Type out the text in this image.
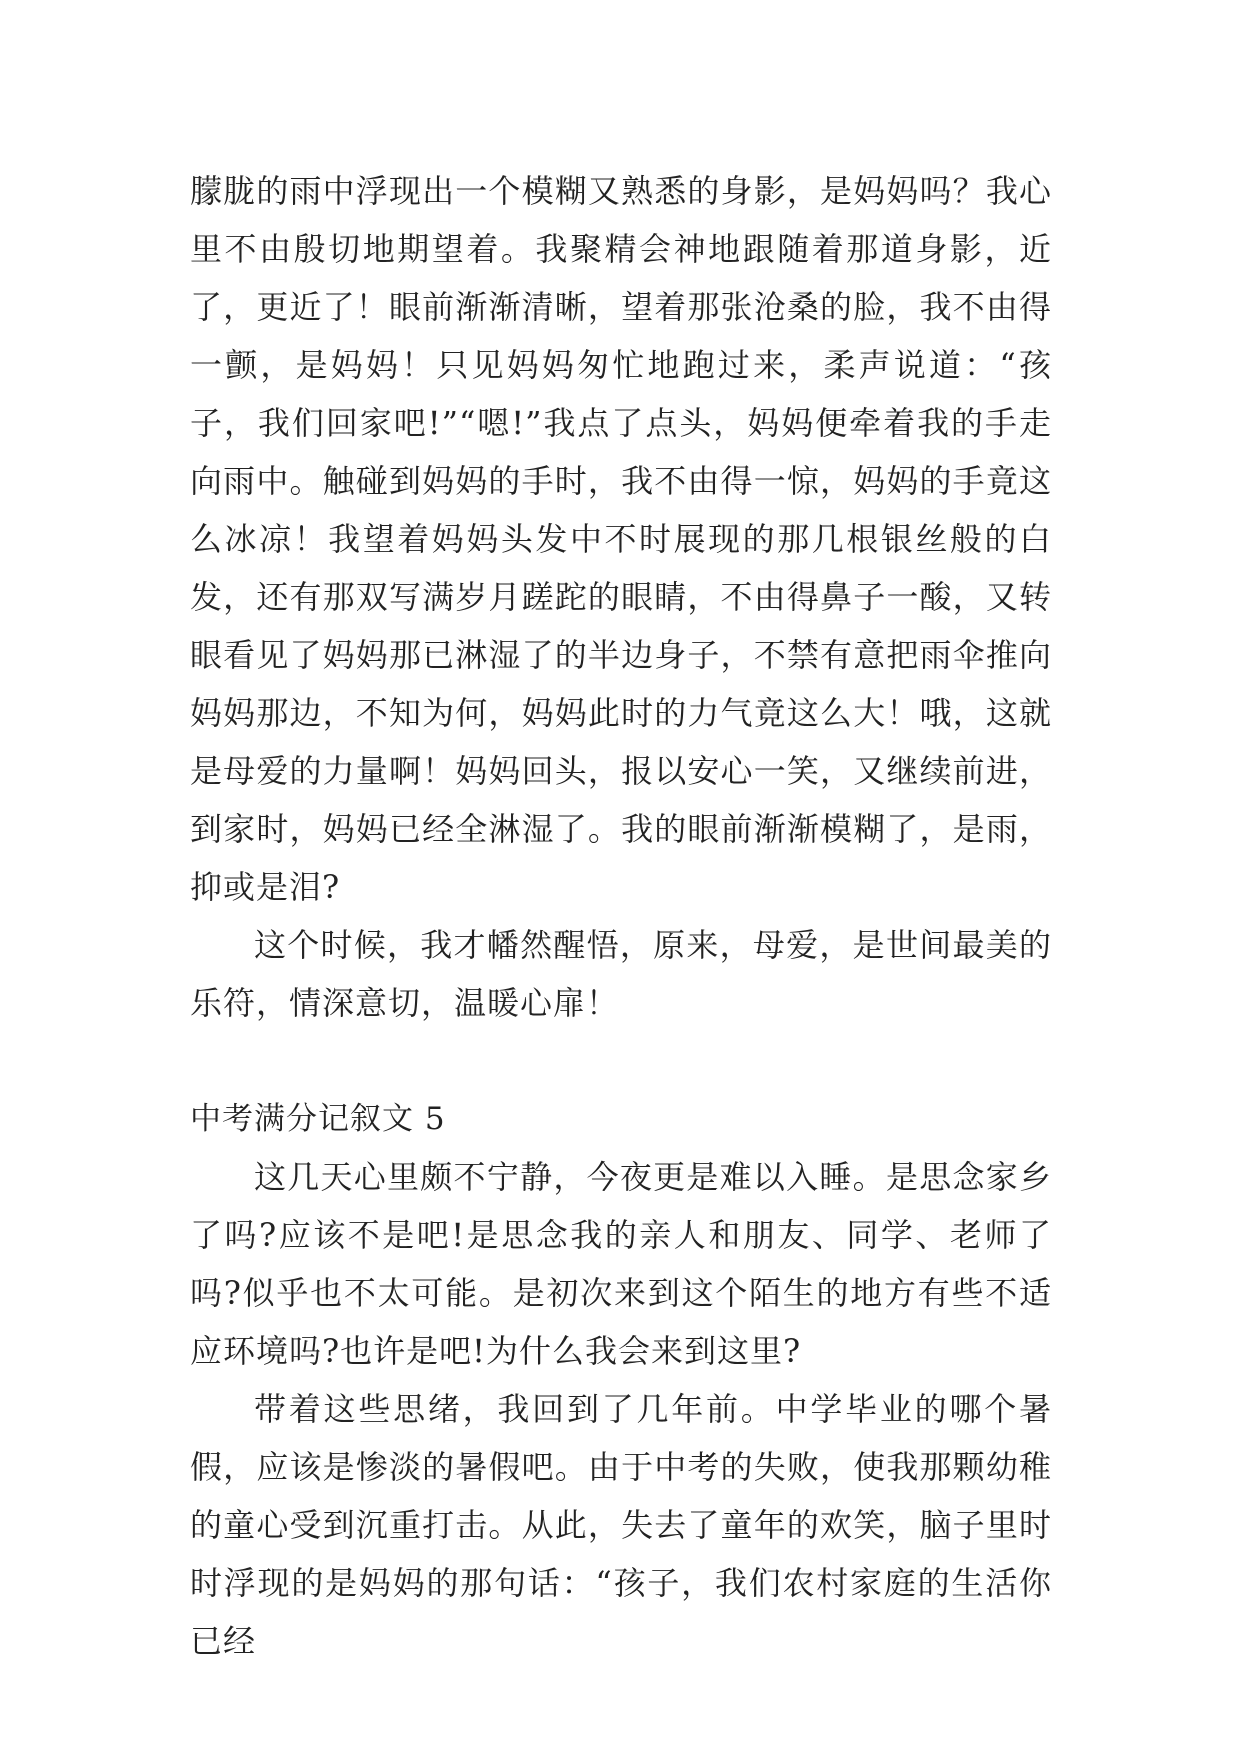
朦胧的雨中浮现出一个模糊又熟悉的身影，是妈妈吗？我心里不由殷切地期望着。我聚精会神地跟随着那道身影，近了，更近了！眼前渐渐清晰，望着那张沧桑的脸，我不由得一颤，是妈妈！只见妈妈匆忙地跑过来，柔声说道：“孩子，我们回家吧!”“嗯!”我点了点头，妈妈便牵着我的手走向雨中。触碰到妈妈的手时，我不由得一惊，妈妈的手竟这么冰凉！我望着妈妈头发中不时展现的那几根银丝般的白发，还有那双写满岁月蹉跎的眼睛，不由得鼻子一酸，又转眼看见了妈妈那已淋湿了的半边身子，不禁有意把雨伞推向妈妈那边，不知为何，妈妈此时的力气竟这么大！哦，这就是母爱的力量啊！妈妈回头，报以安心一笑，又继续前进，到家时，妈妈已经全淋湿了。我的眼前渐渐模糊了，是雨，抑或是泪?

这个时候，我才幡然醒悟，原来，母爱，是世间最美的乐符，情深意切，温暖心扉！

中考满分记叙文 5

这几天心里颇不宁静，今夜更是难以入睡。是思念家乡了吗?应该不是吧!是思念我的亲人和朋友、同学、老师了吗?似乎也不太可能。是初次来到这个陌生的地方有些不适应环境吗?也许是吧!为什么我会来到这里?

带着这些思绪，我回到了几年前。中学毕业的哪个暑假，应该是惨淡的暑假吧。由于中考的失败，使我那颗幼稚的童心受到沉重打击。从此，失去了童年的欢笑，脑子里时时浮现的是妈妈的那句话：“孩子，我们农村家庭的生活你已经
